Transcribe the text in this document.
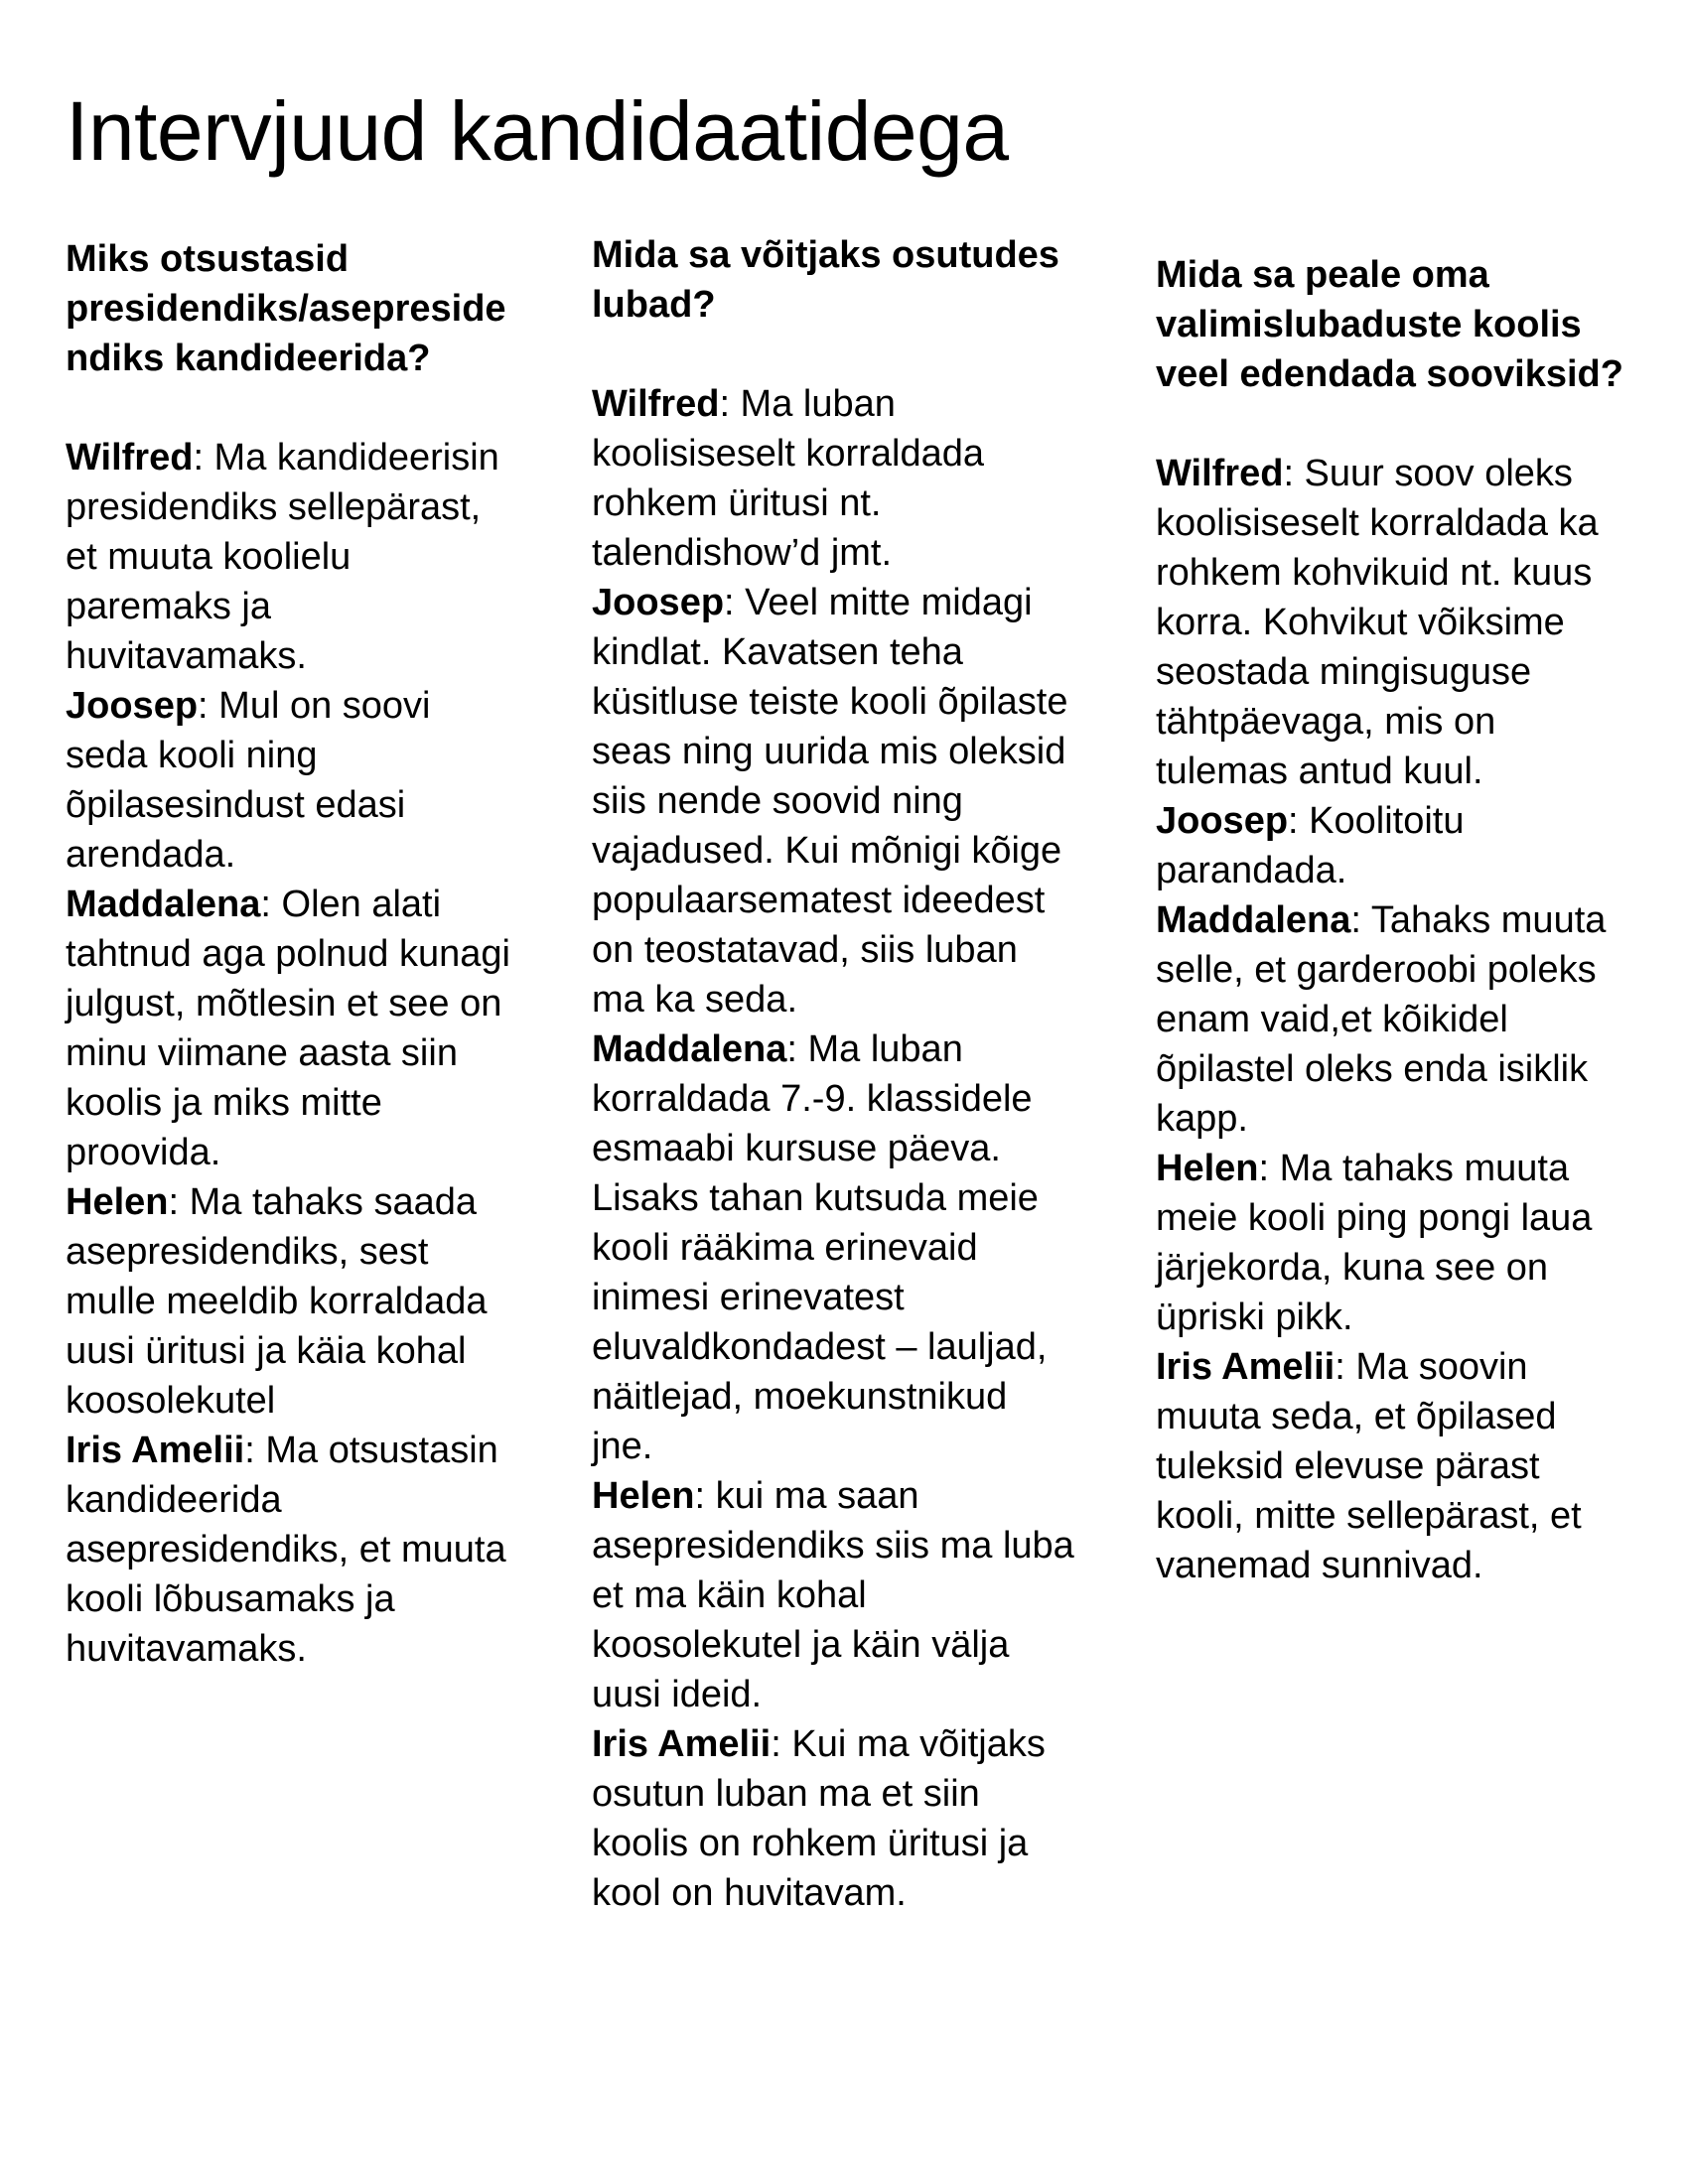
Intervjuud kandidaatidega

Miks otsustasid presidendiks/asepresidendiks kandideerida?

Wilfred: Ma kandideerisin presidendiks sellepärast, et muuta koolielu paremaks ja huvitavamaks.

Joosep: Mul on soovi seda kooli ning õpilasesindust edasi arendada.

Maddalena: Olen alati tahtnud aga polnud kunagi julgust, mõtlesin et see on minu viimane aasta siin koolis ja miks mitte proovida.

Helen: Ma tahaks saada asepresidendiks, sest mulle meeldib korraldada uusi üritusi ja käia kohal koosolekutel

Iris Amelii: Ma otsustasin kandideerida asepresidendiks, et muuta kooli lõbusamaks ja huvitavamaks.

Mida sa võitjaks osutudes lubad?

Wilfred: Ma luban koolisiseselt korraldada rohkem üritusi nt. talendishow’d jmt.

Joosep: Veel mitte midagi kindlat. Kavatsen teha küsitluse teiste kooli õpilaste seas ning uurida mis oleksid siis nende soovid ning vajadused. Kui mõnigi kõige populaarsematest ideedest on teostatavad, siis luban ma ka seda.

Maddalena: Ma luban korraldada 7.-9. klassidele esmaabi kursuse päeva. Lisaks tahan kutsuda meie kooli rääkima erinevaid inimesi erinevatest eluvaldkondadest – lauljad, näitlejad, moekunstnikud jne.

Helen: kui ma saan asepresidendiks siis ma luba et ma käin kohal koosolekutel ja käin välja uusi ideid.

Iris Amelii: Kui ma võitjaks osutun luban ma et siin koolis on rohkem üritusi ja kool on huvitavam.

Mida sa peale oma valimislubaduste koolis veel edendada sooviksid?

Wilfred: Suur soov oleks koolisiseselt korraldada ka rohkem kohvikuid nt. kuus korra. Kohvikut võiksime seostada mingisuguse tähtpäevaga, mis on tulemas antud kuul.

Joosep: Koolitoitu parandada.

Maddalena: Tahaks muuta selle, et garderoobi poleks enam vaid,et kõikidel õpilastel oleks enda isiklik kapp.

Helen: Ma tahaks muuta meie kooli ping pongi laua järjekorda, kuna see on üpriski pikk.

Iris Amelii: Ma soovin muuta seda, et õpilased tuleksid elevuse pärast kooli, mitte sellepärast, et vanemad sunnivad.
